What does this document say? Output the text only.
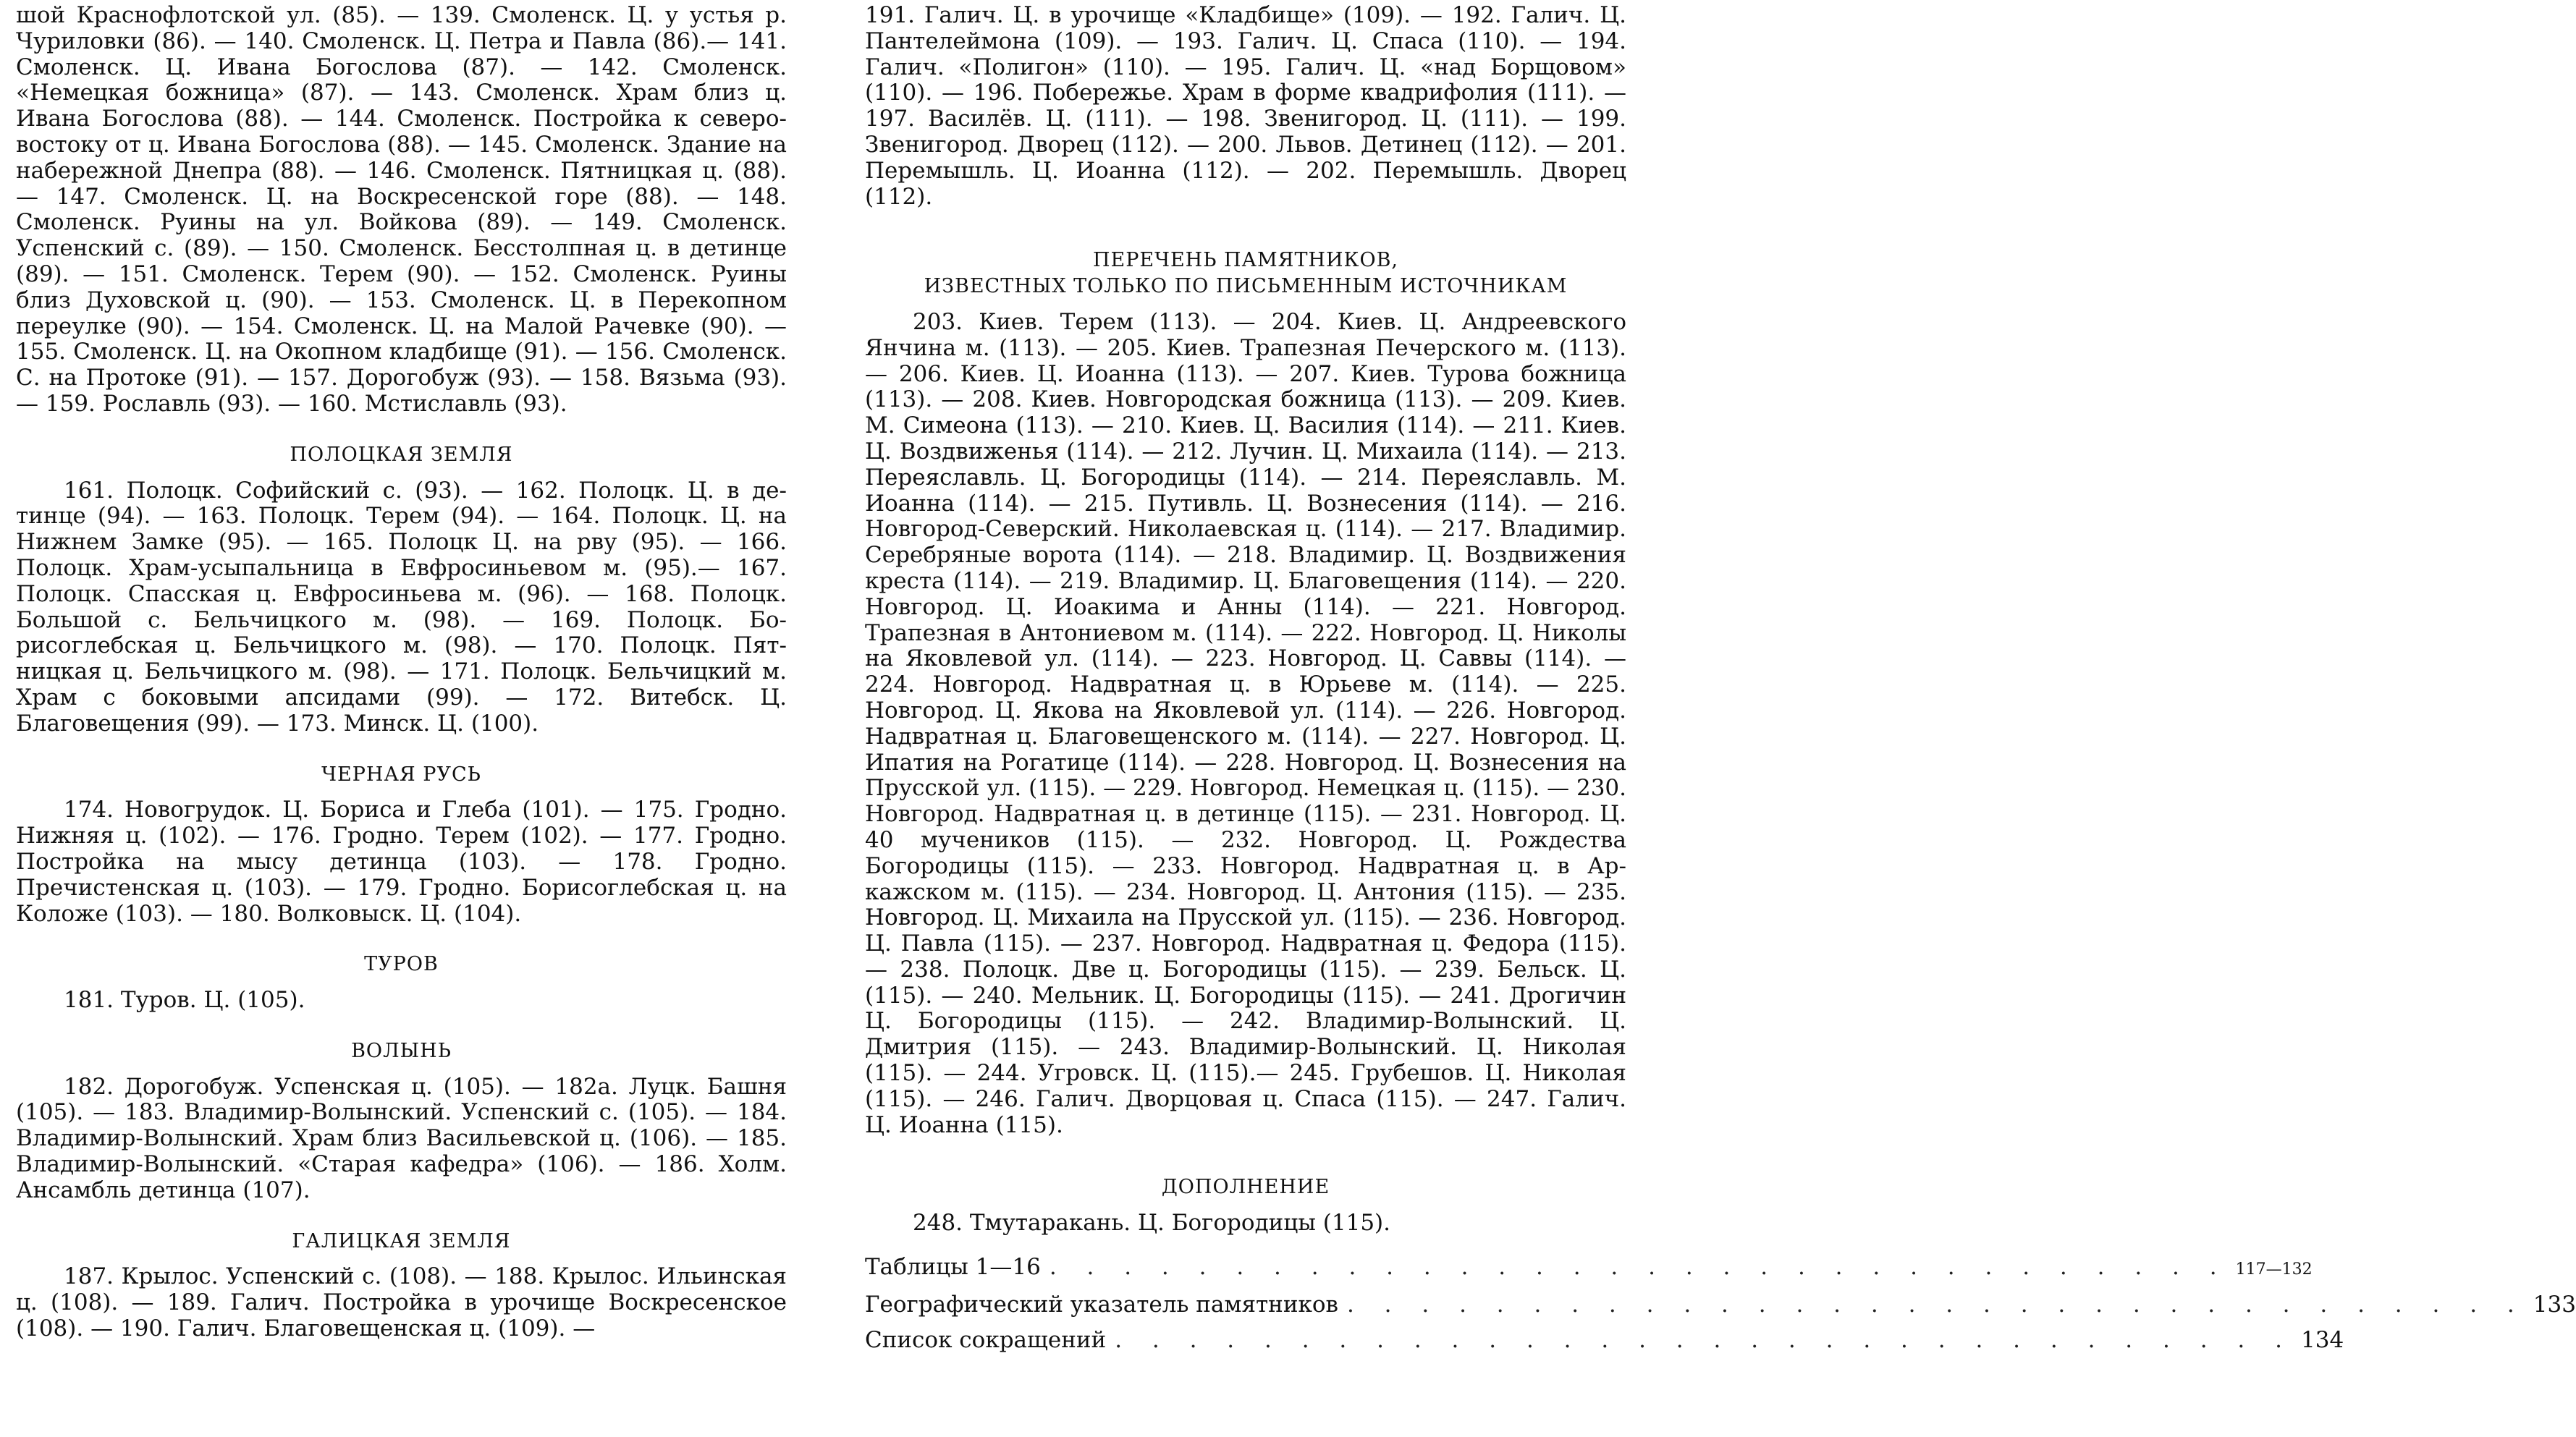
шой Краснофлотской ул. (85). — 139. Смоленск. Ц. у устья р. Чуриловки (86). — 140. Смоленск. Ц. Петра и Павла (86).— 141. Смоленск. Ц. Ивана Богослова (87). — 142. Смоленск. «Немецкая божница» (87). — 143. Смоленск. Храм близ ц. Ивана Богослова (88). — 144. Смоленск. Постройка к северо-востоку от ц. Ивана Богослова (88). — 145. Смоленск. Здание на набережной Днепра (88). — 146. Смоленск. Пятницкая ц. (88). — 147. Смоленск. Ц. на Воскресенской горе (88). — 148. Смоленск. Руины на ул. Войкова (89). — 149. Смоленск. Успенский с. (89). — 150. Смоленск. Бесстолпная ц. в детинце (89). — 151. Смоленск. Терем (90). — 152. Смоленск. Руины близ Духовской ц. (90). — 153. Смоленск. Ц. в Перекопном переулке (90). — 154. Смоленск. Ц. на Малой Рачевке (90). — 155. Смоленск. Ц. на Окопном кладбище (91). — 156. Смоленск. С. на Протоке (91). — 157. Дорогобуж (93). — 158. Вязьма (93). — 159. Рославль (93). — 160. Мстиславль (93).

ПОЛОЦКАЯ ЗЕМЛЯ

161. Полоцк. Софийский с. (93). — 162. Полоцк. Ц. в детинце (94). — 163. Полоцк. Терем (94). — 164. Полоцк. Ц. на Нижнем Замке (95). — 165. Полоцк Ц. на рву (95). — 166. Полоцк. Храм-усыпальница в Евфросиньевом м. (95).— 167. Полоцк. Спасская ц. Евфросиньева м. (96). — 168. Полоцк. Большой с. Бельчицкого м. (98). — 169. Полоцк. Борисоглебская ц. Бельчицкого м. (98). — 170. Полоцк. Пятницкая ц. Бельчицкого м. (98). — 171. Полоцк. Бельчицкий м. Храм с боковыми апсидами (99). — 172. Витебск. Ц. Благовещения (99). — 173. Минск. Ц. (100).

ЧЕРНАЯ РУСЬ

174. Новогрудок. Ц. Бориса и Глеба (101). — 175. Гродно. Нижняя ц. (102). — 176. Гродно. Терем (102). — 177. Гродно. Постройка на мысу детинца (103). — 178. Гродно. Пречистенская ц. (103). — 179. Гродно. Борисоглебская ц. на Коложе (103). — 180. Волковыск. Ц. (104).

ТУРОВ

181. Туров. Ц. (105).

ВОЛЫНЬ

182. Дорогобуж. Успенская ц. (105). — 182а. Луцк. Башня (105). — 183. Владимир-Волынский. Успенский с. (105). — 184. Владимир-Волынский. Храм близ Васильевской ц. (106). — 185. Владимир-Волынский. «Старая кафедра» (106). — 186. Холм. Ансамбль детинца (107).

ГАЛИЦКАЯ ЗЕМЛЯ

187. Крылос. Успенский с. (108). — 188. Крылос. Ильинская ц. (108). — 189. Галич. Постройка в урочище Воскресенское (108). — 190. Галич. Благовещенская ц. (109). —

191. Галич. Ц. в урочище «Кладбище» (109). — 192. Галич. Ц. Пантелеймона (109). — 193. Галич. Ц. Спаса (110). — 194. Галич. «Полигон» (110). — 195. Галич. Ц. «над Борщовом» (110). — 196. Побережье. Храм в форме квадрифолия (111). — 197. Василёв. Ц. (111). — 198. Звенигород. Ц. (111). — 199. Звенигород. Дворец (112). — 200. Львов. Детинец (112). — 201. Перемышль. Ц. Иоанна (112). — 202. Перемышль. Дворец (112).

ПЕРЕЧЕНЬ ПАМЯТНИКОВ,
ИЗВЕСТНЫХ ТОЛЬКО ПО ПИСЬМЕННЫМ ИСТОЧНИКАМ

203. Киев. Терем (113). — 204. Киев. Ц. Андреевского Янчина м. (113). — 205. Киев. Трапезная Печерского м. (113). — 206. Киев. Ц. Иоанна (113). — 207. Киев. Турова божница (113). — 208. Киев. Новгородская божница (113). — 209. Киев. М. Симеона (113). — 210. Киев. Ц. Василия (114). — 211. Киев. Ц. Воздвиженья (114). — 212. Лучин. Ц. Михаила (114). — 213. Переяславль. Ц. Богородицы (114). — 214. Переяславль. М. Иоанна (114). — 215. Путивль. Ц. Вознесения (114). — 216. Новгород-Северский. Николаевская ц. (114). — 217. Владимир. Серебряные ворота (114). — 218. Владимир. Ц. Воздвижения креста (114). — 219. Владимир. Ц. Благовещения (114). — 220. Новгород. Ц. Иоакима и Анны (114). — 221. Новгород. Трапезная в Антониевом м. (114). — 222. Новгород. Ц. Николы на Яковлевой ул. (114). — 223. Новгород. Ц. Саввы (114). — 224. Новгород. Надвратная ц. в Юрьеве м. (114). — 225. Новгород. Ц. Якова на Яковлевой ул. (114). — 226. Новгород. Надвратная ц. Благовещенского м. (114). — 227. Новгород. Ц. Ипатия на Рогатице (114). — 228. Новгород. Ц. Вознесения на Прусской ул. (115). — 229. Новгород. Немецкая ц. (115). — 230. Новгород. Надвратная ц. в детинце (115). — 231. Новгород. Ц. 40 мучеников (115). — 232. Новгород. Ц. Рождества Богородицы (115). — 233. Новгород. Надвратная ц. в Аркажском м. (115). — 234. Новгород. Ц. Антония (115). — 235. Новгород. Ц. Михаила на Прусской ул. (115). — 236. Новгород. Ц. Павла (115). — 237. Новгород. Надвратная ц. Федора (115). — 238. Полоцк. Две ц. Богородицы (115). — 239. Бельск. Ц. (115). — 240. Мельник. Ц. Богородицы (115). — 241. Дрогичин Ц. Богородицы (115). — 242. Владимир-Волынский. Ц. Дмитрия (115). — 243. Владимир-Волынский. Ц. Николая (115). — 244. Угровск. Ц. (115).— 245. Грубешов. Ц. Николая (115). — 246. Галич. Дворцовая ц. Спаса (115). — 247. Галич. Ц. Иоанна (115).

ДОПОЛНЕНИЕ

248. Тмутаракань. Ц. Богородицы (115).

Таблицы 1—16 . . . . . . . . . . . . . . . . . . . . . . . . . . . . . . . . 117—132
Географический указатель памятников . . . . . . . . . . . . . . . . . . . . . . . . . . . . . . . . 133
Список сокращений . . . . . . . . . . . . . . . . . . . . . . . . . . . . . . . . 134
